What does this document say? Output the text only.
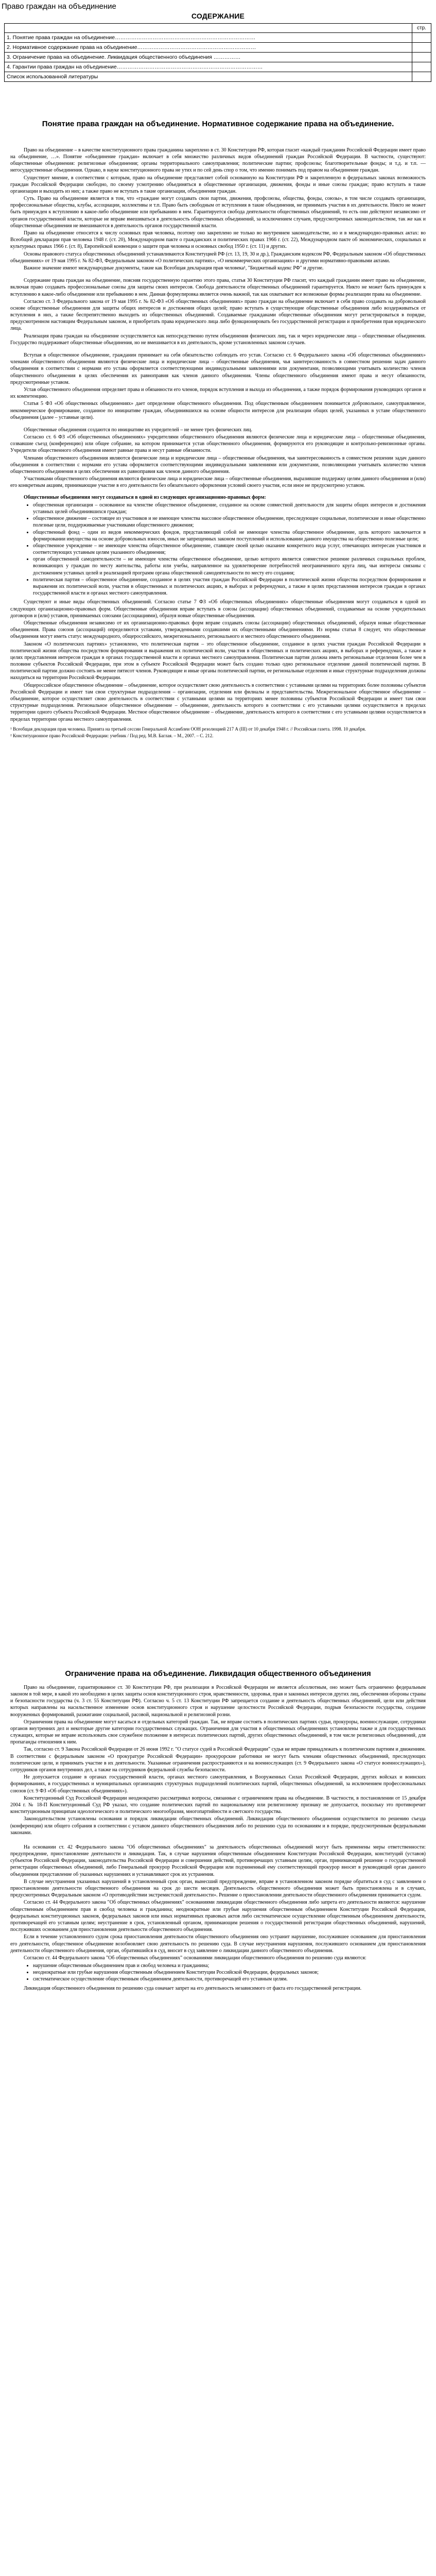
Право граждан на объединение
СОДЕРЖАНИЕ
	стр.
1. Понятие права граждан на объединение……………………………………………………………………	
2. Нормативное содержание права на объединение…………………………………………………………	
3. Ограничение права на объединение. Ликвидация общественного объединения ……………	
4. Гарантии права граждан на объединение………………………………………………………………………	
Список использованной литературы	
Понятие права граждан на объединение. Нормативное содержание права на объединение.

Право на объединение – в качестве конституционного права гражданина закреплено в ст. 30 Конституции РФ, которая гласит «каждый гражданин Российской Федерации имеет право на объединение, …». Понятие «объединение граждан» включает в себя множество различных видов объединений граждан Российской Федерации. В частности, существуют: общественные объединения: религиозные объединения; органы территориального самоуправления; политические партии; профсоюзы; благотворительные фонды; и т.д. и т.п. — негосударственные объединения. Однако, в науке конституционного права не утих и по сей день спор о том, что именно понимать под правом на объединение граждан.

Существует мнение, в соответствии с которым, право на объединение представляет собой основанную на Конституции РФ и закрепленную в федеральных законах возможность граждан Российской Федерации свободно, по своему усмотрению объединяться в общественные организации, движения, фонды и иные союзы граждан; право вступать в такие организации и выходить из них; а также право не вступать в такие организации, объединения граждан.

Суть. Право на объединение является в том, что «граждане могут создавать свои партии, движения, профсоюзы, общества, фонды, союзы», в том числе создавать организации, профессиональные общества, клубы, ассоциации, коллективы и т.п. Право быть свободным от вступления в такие объединения, не принимать участия в их деятельности. Никто не может быть принужден к вступлению в какое-либо объединение или пребыванию в нем. Гарантируется свобода деятельности общественных объединений, то есть они действуют независимо от органов государственной власти, которые не вправе вмешиваться в деятельность общественных объединений, за исключением случаев, предусмотренных законодательством, так же как и общественные объединения не вмешиваются в деятельность органов государственной власти.

Право на объединение относится к числу основных прав человека, поэтому оно закреплено не только во внутреннем законодательстве, но и в международно-правовых актах: во Всеобщей декларации прав человека 1948 г. (ст. 20), Международном пакте о гражданских и политических правах 1966 г. (ст. 22), Международном пакте об экономических, социальных и культурных правах 1966 г. (ст. 8), Европейской конвенции о защите прав человека и основных свобод 1950 г. (ст. 11) и других.

Основы правового статуса общественных объединений устанавливаются Конституцией РФ (ст. 13, 19, 30 и др.), Гражданским кодексом РФ, Федеральным законом «Об общественных объединениях» от 19 мая 1995 г. № 82-ФЗ, Федеральным законом «О политических партиях», «О некоммерческих организациях» и другими нормативно-правовыми актами.

Важное значение имеют международные документы, такие как Всеобщая декларация прав человека¹, "Бюджетный кодекс РФ" и другие.

Содержание права граждан на объединение, поясняя государственную гарантию этого права, статья 30 Конституции РФ гласит, что каждый гражданин имеет право на объединение, включая право создавать профессиональные союзы для защиты своих интересов. Свобода деятельности общественных объединений гарантируется. Никто не может быть принужден к вступлению в какое-либо объединение или пребыванию в нем. Данная формулировка является очень важной, так как охватывает все возможные формы реализации права на объединение.

Согласно ст. 3 Федерального закона от 19 мая 1995 г. № 82-ФЗ «Об общественных объединениях» право граждан на объединение включает в себя право создавать на добровольной основе общественные объединения для защиты общих интересов и достижения общих целей; право вступать в существующие общественные объединения либо воздерживаться от вступления в них, а также беспрепятственно выходить из общественных объединений. Создаваемые гражданами общественные объединения могут регистрироваться в порядке, предусмотренном настоящим Федеральным законом, и приобретать права юридического лица либо функционировать без государственной регистрации и приобретения прав юридического лица.

Реализация права граждан на объединение осуществляется как непосредственно путем объединения физических лиц, так и через юридические лица – общественные объединения. Государство поддерживает общественные объединения, но не вмешивается в их деятельность, кроме установленных законом случаев.

Вступая в общественное объединение, гражданин принимает на себя обязательство соблюдать его устав. Согласно ст. 6 Федерального закона «Об общественных объединениях» членами общественного объединения являются физические лица и юридические лица – общественные объединения, чья заинтересованность в совместном решении задач данного объединения в соответствии с нормами его устава оформляется соответствующими индивидуальными заявлениями или документами, позволяющими учитывать количество членов общественного объединения в целях обеспечения их равноправия как членов данного объединения. Члены общественного объединения имеют права и несут обязанности, предусмотренные уставом.

Устав общественного объединения определяет права и обязанности его членов, порядок вступления и выхода из объединения, а также порядок формирования руководящих органов и их компетенцию.

Статья 5 ФЗ «Об общественных объединениях» дает определение общественного объединения. Под общественным объединением понимается добровольное, самоуправляемое, некоммерческое формирование, созданное по инициативе граждан, объединившихся на основе общности интересов для реализации общих целей, указанных в уставе общественного объединения (далее – уставные цели).

Общественные объединения создаются по инициативе их учредителей – не менее трех физических лиц.

Согласно ст. 6 ФЗ «Об общественных объединениях» учредителями общественного объединения являются физические лица и юридические лица – общественные объединения, созвавшие съезд (конференцию) или общее собрание, на котором принимается устав общественного объединения, формируются его руководящие и контрольно-ревизионные органы. Учредители общественного объединения имеют равные права и несут равные обязанности.

Членами общественного объединения являются физические лица и юридические лица – общественные объединения, чья заинтересованность в совместном решении задач данного объединения в соответствии с нормами его устава оформляется соответствующими индивидуальными заявлениями или документами, позволяющими учитывать количество членов общественного объединения в целях обеспечения их равноправия как членов данного объединения.

Участниками общественного объединения являются физические лица и юридические лица – общественные объединения, выразившие поддержку целям данного объединения и (или) его конкретным акциям, принимающие участие в его деятельности без обязательного оформления условий своего участия, если иное не предусмотрено уставом.

Общественные объединения могут создаваться в одной из следующих организационно-правовых форм:

• общественная организация – основанное на членстве общественное объединение, созданное на основе совместной деятельности для защиты общих интересов и достижения уставных целей объединившихся граждан;
• общественное движение – состоящее из участников и не имеющее членства массовое общественное объединение, преследующее социальные, политические и иные общественно полезные цели, поддерживаемые участниками общественного движения;
• общественный фонд – один из видов некоммерческих фондов, представляющий собой не имеющее членства общественное объединение, цель которого заключается в формировании имущества на основе добровольных взносов, иных не запрещенных законом поступлений и использовании данного имущества на общественно полезные цели;
• общественное учреждение – не имеющее членства общественное объединение, ставящее своей целью оказание конкретного вида услуг, отвечающих интересам участников и соответствующих уставным целям указанного объединения;
• орган общественной самодеятельности – не имеющее членства общественное объединение, целью которого является совместное решение различных социальных проблем, возникающих у граждан по месту жительства, работы или учебы, направленное на удовлетворение потребностей неограниченного круга лиц, чьи интересы связаны с достижением уставных целей и реализацией программ органа общественной самодеятельности по месту его создания;
• политическая партия – общественное объединение, созданное в целях участия граждан Российской Федерации в политической жизни общества посредством формирования и выражения их политической воли, участия в общественных и политических акциях, в выборах и референдумах, а также в целях представления интересов граждан в органах государственной власти и органах местного самоуправления.

Существуют и иные виды общественных объединений. Согласно статье 7 ФЗ «Об общественных объединениях» общественные объединения могут создаваться в одной из следующих организационно-правовых форм. Общественные объединения вправе вступать в союзы (ассоциации) общественных объединений, создаваемые на основе учредительных договоров и (или) уставов, принимаемых союзами (ассоциациями), образуя новые общественные объединения.

Общественные объединения независимо от их организационно-правовых форм вправе создавать союзы (ассоциации) общественных объединений, образуя новые общественные объединения. Права союзов (ассоциаций) определяются уставами, утвержденными создавшими их общественными объединениями. Из нормы статьи 8 следует, что общественные объединения могут иметь статус международного, общероссийского, межрегионального, регионального и местного общественного объединения.

Законом «О политических партиях» установлено, что политическая партия – это общественное объединение, созданное в целях участия граждан Российской Федерации в политической жизни общества посредством формирования и выражения их политической воли, участия в общественных и политических акциях, в выборах и референдумах, а также в целях представления интересов граждан в органах государственной власти и органах местного самоуправления. Политическая партия должна иметь региональные отделения более чем в половине субъектов Российской Федерации, при этом в субъекте Российской Федерации может быть создано только одно региональное отделение данной политической партии. В политической партии должно состоять не менее пятисот членов. Руководящие и иные органы политической партии, ее региональные отделения и иные структурные подразделения должны находиться на территории Российской Федерации.

Общероссийское общественное объединение – объединение, которое осуществляет свою деятельность в соответствии с уставными целями на территориях более половины субъектов Российской Федерации и имеет там свои структурные подразделения – организации, отделения или филиалы и представительства. Межрегиональное общественное объединение – объединение, которое осуществляет свою деятельность в соответствии с уставными целями на территориях менее половины субъектов Российской Федерации и имеет там свои структурные подразделения. Региональное общественное объединение – объединение, деятельность которого в соответствии с его уставными целями осуществляется в пределах территории одного субъекта Российской Федерации. Местное общественное объединение – объединение, деятельность которого в соответствии с его уставными целями осуществляется в пределах территории органа местного самоуправления.

¹ Всеобщая декларация прав человека. Принята на третьей сессии Генеральной Ассамблеи ООН резолюцией 217 А (III) от 10 декабря 1948 г. // Российская газета. 1998. 10 декабря.

² Конституционное право Российской Федерации: учебник / Под ред. М.В. Баглая. – М., 2007. – С. 212.

Ограничение права на объединение. Ликвидация общественного объединения

Право на объединение, гарантированное ст. 30 Конституции РФ, при реализации в Российской Федерации не является абсолютным, оно может быть ограничено федеральным законом в той мере, в какой это необходимо в целях защиты основ конституционного строя, нравственности, здоровья, прав и законных интересов других лиц, обеспечения обороны страны и безопасности государства (ч. 3 ст. 55 Конституции РФ). Согласно ч. 5 ст. 13 Конституции РФ запрещается создание и деятельность общественных объединений, цели или действия которых направлены на насильственное изменение основ конституционного строя и нарушение целостности Российской Федерации, подрыв безопасности государства, создание вооруженных формирований, разжигание социальной, расовой, национальной и религиозной розни.

Ограничения права на объединение могут касаться и отдельных категорий граждан. Так, не вправе состоять в политических партиях судьи, прокуроры, военнослужащие, сотрудники органов внутренних дел и некоторые другие категории государственных служащих. Ограничения для участия в общественных объединениях установлены также и для государственных служащих, которые не вправе использовать свое служебное положение в интересах политических партий, других общественных объединений, в том числе религиозных объединений, для пропаганды отношения к ним.

Так, согласно ст. 9 Закона Российской Федерации от 26 июня 1992 г. "О статусе судей в Российской Федерации" судья не вправе принадлежать к политическим партиям и движениям. В соответствии с федеральным законом «О прокуратуре Российской Федерации» прокурорские работники не могут быть членами общественных объединений, преследующих политические цели, и принимать участие в их деятельности. Указанные ограничения распространяются и на военнослужащих (ст. 9 Федерального закона «О статусе военнослужащих»), сотрудников органов внутренних дел, а также на сотрудников федеральной службы безопасности.

Не допускается создание в органах государственной власти, органах местного самоуправления, в Вооруженных Силах Российской Федерации, других войсках и воинских формированиях, в государственных и муниципальных организациях структурных подразделений политических партий, общественных объединений, за исключением профессиональных союзов (ст. 9 ФЗ «Об общественных объединениях»).

Конституционный Суд Российской Федерации неоднократно рассматривал вопросы, связанные с ограничением права на объединение. В частности, в постановлении от 15 декабря 2004 г. № 18-П Конституционный Суд РФ указал, что создание политических партий по национальному или религиозному признаку не допускается, поскольку это противоречит конституционным принципам идеологического и политического многообразия, многопартийности и светского государства.

Законодательством установлены основания и порядок ликвидации общественных объединений. Ликвидация общественного объединения осуществляется по решению съезда (конференции) или общего собрания в соответствии с уставом данного общественного объединения либо по решению суда по основаниям и в порядке, предусмотренным федеральными законами.

На основании ст. 42 Федерального закона "Об общественных объединениях" за деятельность общественных объединений могут быть применены меры ответственности: предупреждение, приостановление деятельности и ликвидация. Так, в случае нарушения общественным объединением Конституции Российской Федерации, конституций (уставов) субъектов Российской Федерации, законодательства Российской Федерации и совершения действий, противоречащих уставным целям, орган, принимающий решение о государственной регистрации общественных объединений, либо Генеральный прокурор Российской Федерации или подчиненный ему соответствующий прокурор вносят в руководящий орган данного объединения представление об указанных нарушениях и устанавливают срок их устранения.

В случае неустранения указанных нарушений в установленный срок орган, вынесший предупреждение, вправе в установленном законом порядке обратиться в суд с заявлением о приостановлении деятельности общественного объединения на срок до шести месяцев. Деятельность общественного объединения может быть приостановлена и в случаях, предусмотренных Федеральным законом «О противодействии экстремистской деятельности». Решение о приостановлении деятельности общественного объединения принимается судом.

Согласно ст. 44 Федерального закона "Об общественных объединениях" основаниями ликвидации общественного объединения либо запрета его деятельности являются: нарушение общественным объединением прав и свобод человека и гражданина; неоднократные или грубые нарушения общественным объединением Конституции Российской Федерации, федеральных конституционных законов, федеральных законов или иных нормативных правовых актов либо систематическое осуществление общественным объединением деятельности, противоречащей его уставным целям; неустранение в срок, установленный органом, принимающим решения о государственной регистрации общественных объединений, нарушений, послуживших основанием для приостановления деятельности общественного объединения.

Если в течение установленного судом срока приостановления деятельности общественного объединения оно устранит нарушение, послужившее основанием для приостановления его деятельности, общественное объединение возобновляет свою деятельность по решению суда. В случае неустранения нарушения, послужившего основанием для приостановления деятельности общественного объединения, орган, обратившийся в суд, вносит в суд заявление о ликвидации данного общественного объединения.

Согласно ст. 44 Федерального закона "Об общественных объединениях" основаниями ликвидации общественного объединения по решению суда являются:

• нарушение общественным объединением прав и свобод человека и гражданина;
• неоднократные или грубые нарушения общественным объединением Конституции Российской Федерации, федеральных законов;
• систематическое осуществление общественным объединением деятельности, противоречащей его уставным целям.

Ликвидация общественного объединения по решению суда означает запрет на его деятельность независимого от факта его государственной регистрации.
